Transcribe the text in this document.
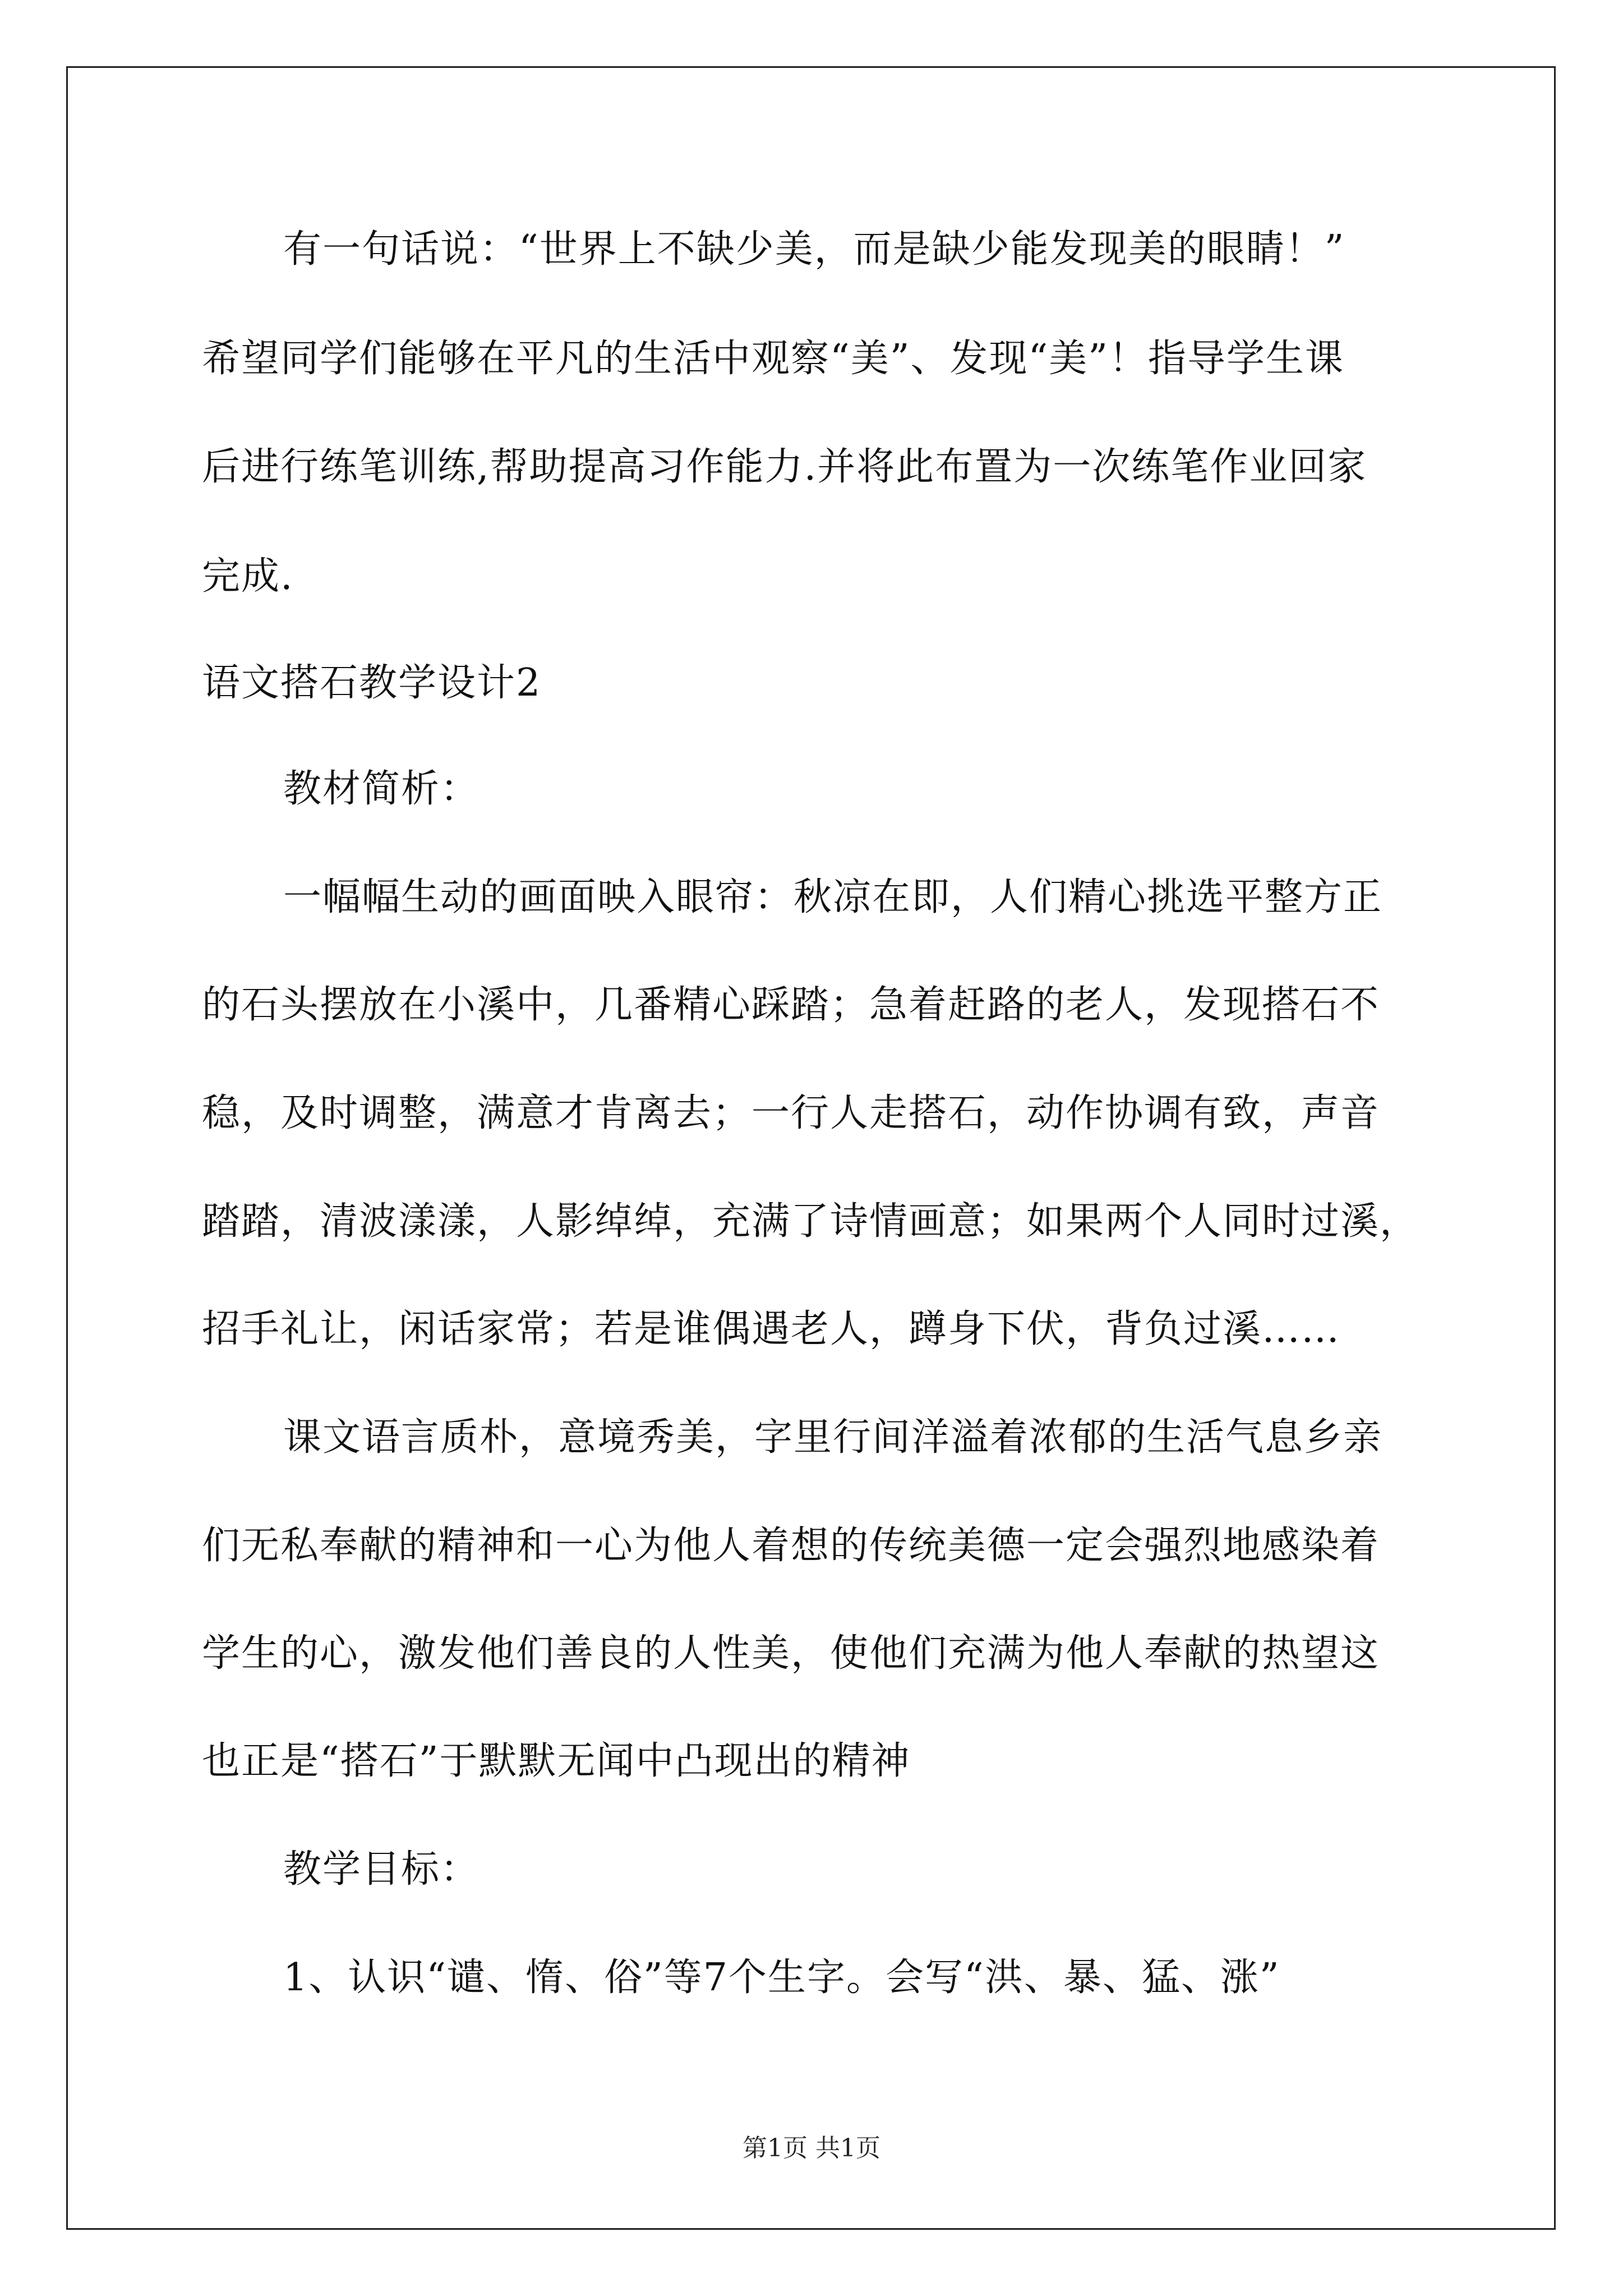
有一句话说：“世界上不缺少美，而是缺少能发现美的眼睛！”
希望同学们能够在平凡的生活中观察“美”、发现“美”！指导学生课
后进行练笔训练,帮助提高习作能力.并将此布置为一次练笔作业回家
完成.
语文搭石教学设计2
教材简析：
一幅幅生动的画面映入眼帘：秋凉在即，人们精心挑选平整方正
的石头摆放在小溪中，几番精心踩踏；急着赶路的老人，发现搭石不
稳，及时调整，满意才肯离去；一行人走搭石，动作协调有致，声音
踏踏，清波漾漾，人影绰绰，充满了诗情画意；如果两个人同时过溪，
招手礼让，闲话家常；若是谁偶遇老人，蹲身下伏，背负过溪……
课文语言质朴，意境秀美，字里行间洋溢着浓郁的生活气息乡亲
们无私奉献的精神和一心为他人着想的传统美德一定会强烈地感染着
学生的心，激发他们善良的人性美，使他们充满为他人奉献的热望这
也正是“搭石”于默默无闻中凸现出的精神
教学目标：
1、认识“谴、惰、俗”等7个生字。会写“洪、暴、猛、涨”
第1页 共1页
